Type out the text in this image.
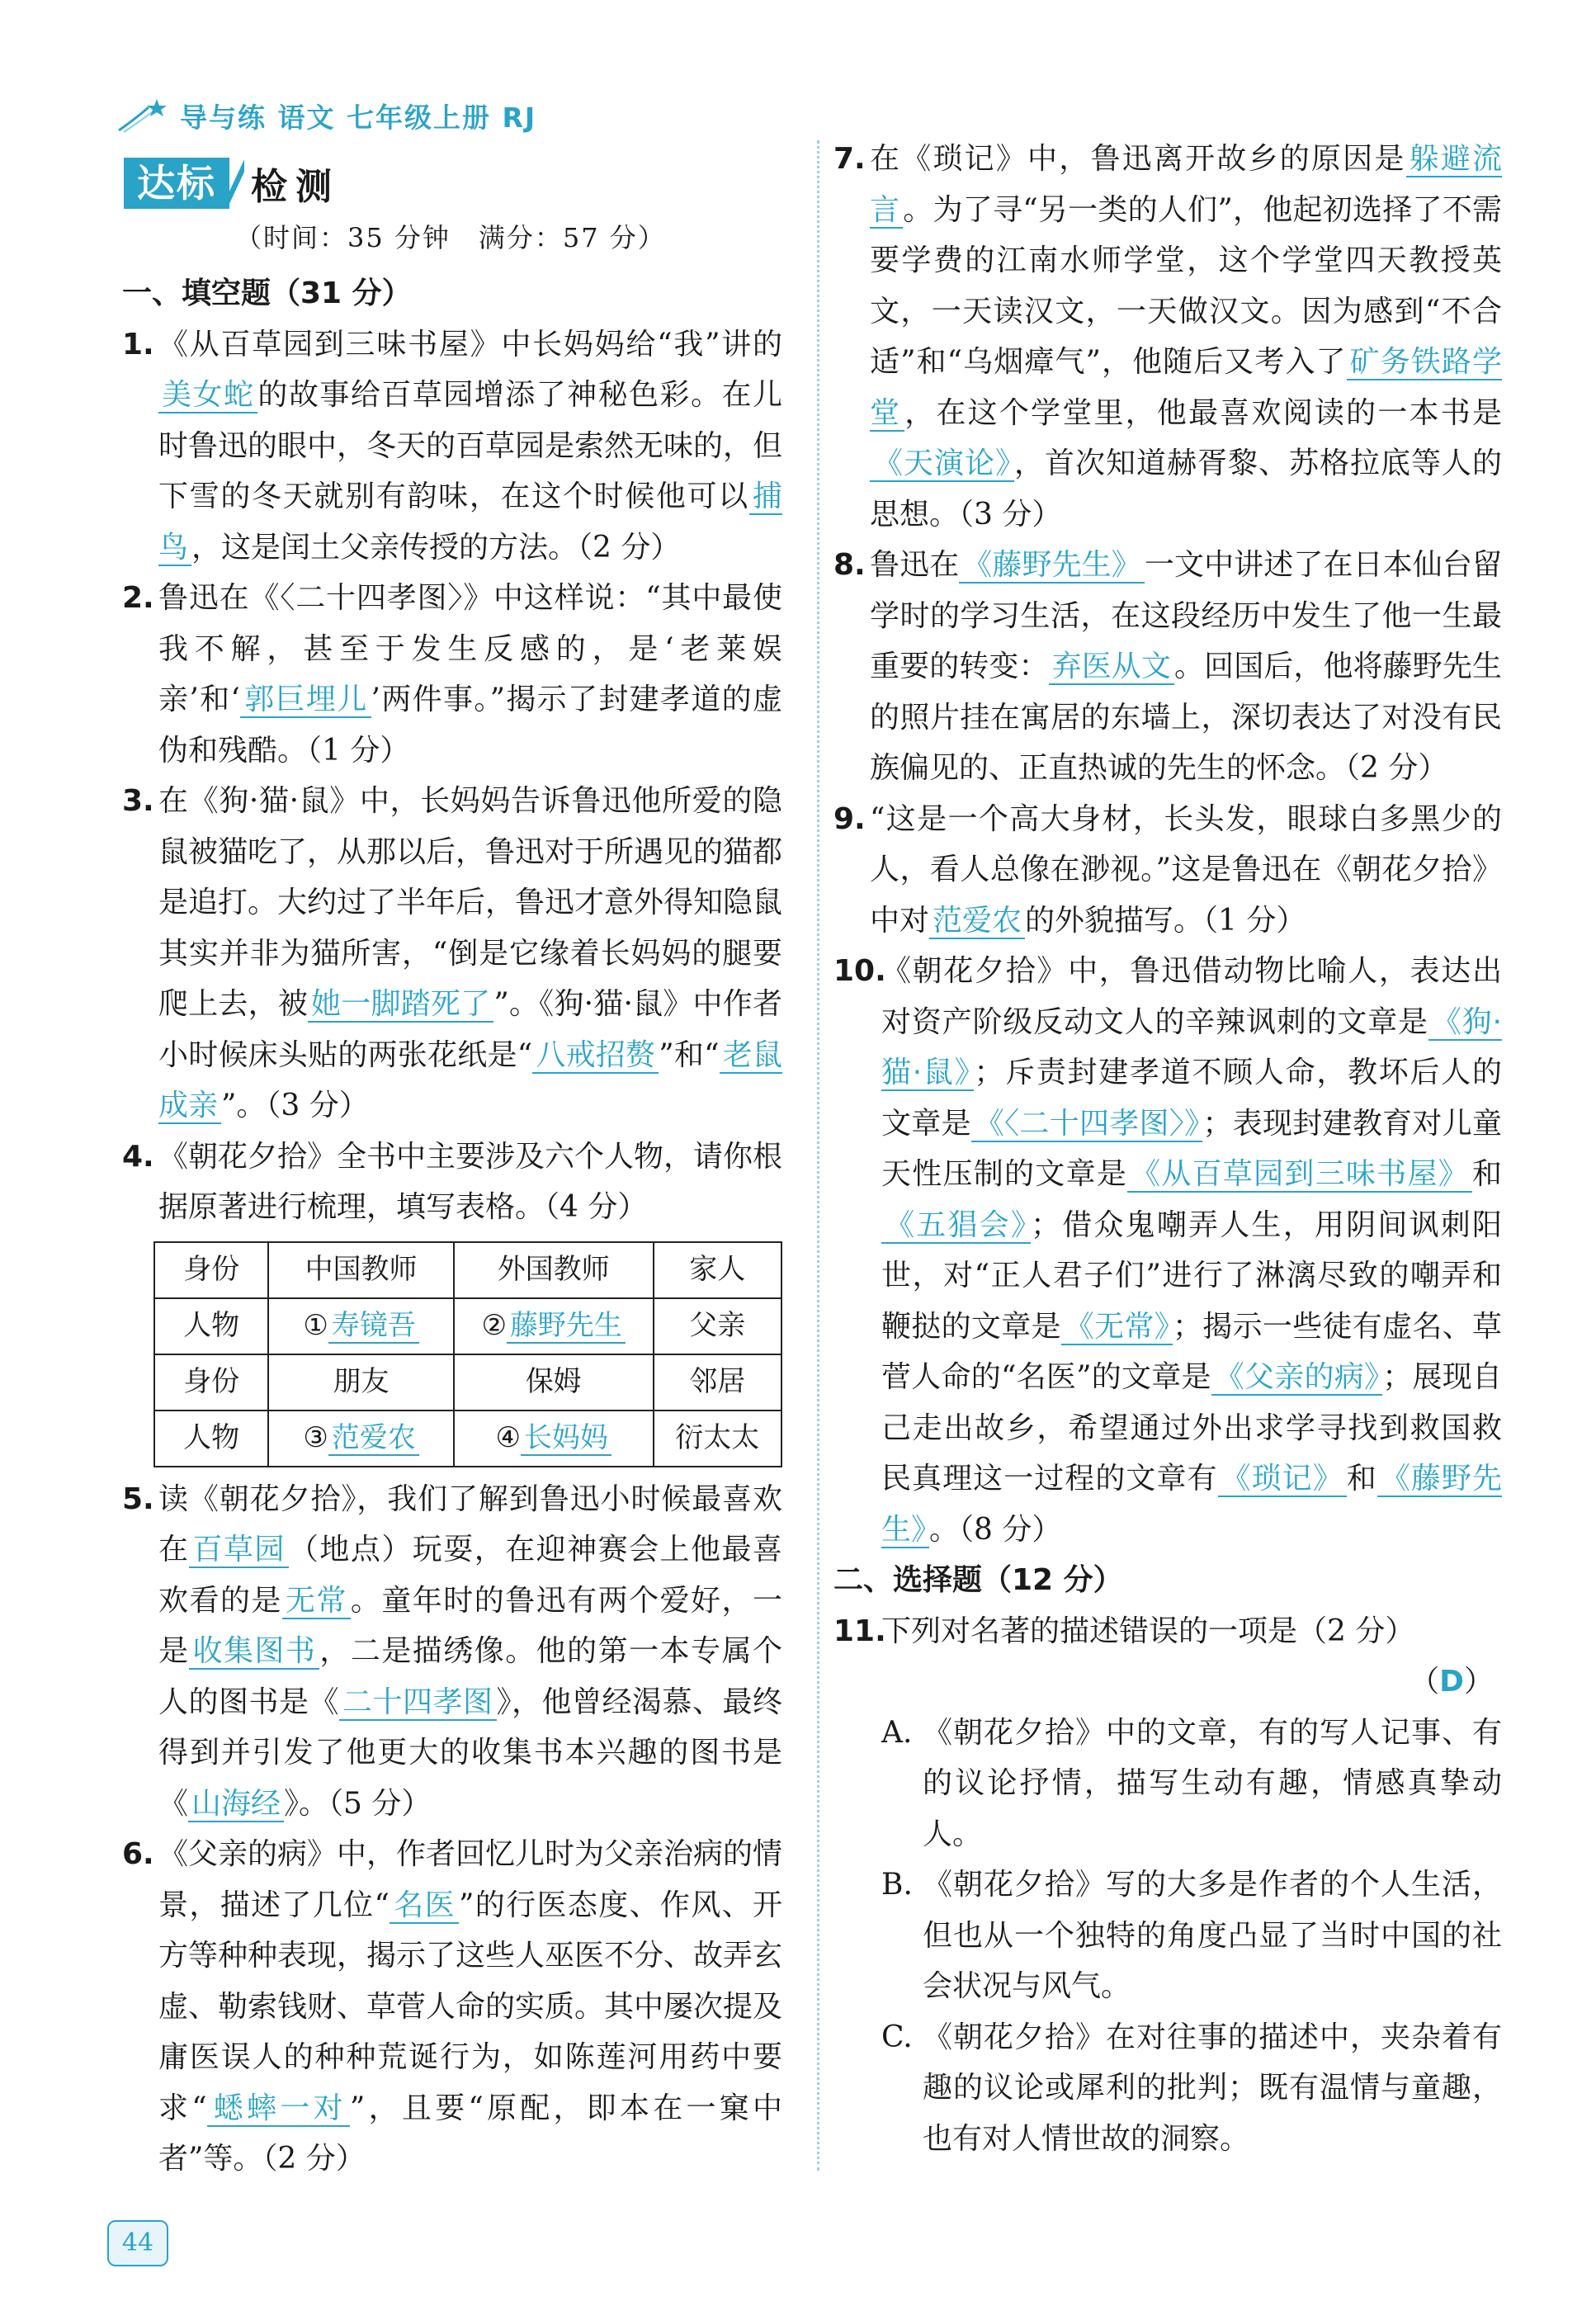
导与练 语文 七年级上册 RJ
达标 检测
（时间：35 分钟　满分：57 分）
一、填空题（31 分）
1. 《从百草园到三味书屋》中长妈妈给“我”讲的美女蛇 的故事给百草园增添了神秘色彩。在儿时鲁迅的眼中，冬天的百草园是索然无味的，但下雪的冬天就别有韵味，在这个时候他可以 捕鸟 ，这是闰土父亲传授的方法。（2 分）
2. 鲁迅在《〈二十四孝图〉》中这样说：“其中最使我不解，甚至于发生反感的，是‘老莱娱亲’和‘ 郭巨埋儿 ’两件事。”揭示了封建孝道的虚伪和残酷。（1 分）
3. 在《狗·猫·鼠》中，长妈妈告诉鲁迅他所爱的隐鼠被猫吃了，从那以后，鲁迅对于所遇见的猫都是追打。大约过了半年后，鲁迅才意外得知隐鼠其实并非为猫所害，“倒是它缘着长妈妈的腿要爬上去，被 她一脚踏死了 ”。《狗·猫·鼠》中作者小时候床头贴的两张花纸是“ 八戒招赘 ”和“ 老鼠成亲 ”。（3 分）
4. 《朝花夕拾》全书中主要涉及六个人物，请你根据原著进行梳理，填写表格。（4 分）
身份	中国教师	外国教师	家人
人物	① 寿镜吾	② 藤野先生	父亲
身份	朋友	保姆	邻居
人物	③ 范爱农	④ 长妈妈	衍太太
5. 读《朝花夕拾》，我们了解到鲁迅小时候最喜欢在 百草园 （地点）玩耍，在迎神赛会上他最喜欢看的是 无常 。童年时的鲁迅有两个爱好，一是 收集图书 ，二是描绣像。他的第一本专属个人的图书是《 二十四孝图 》，他曾经渴慕、最终得到并引发了他更大的收集书本兴趣的图书是《 山海经 》。（5 分）
6. 《父亲的病》中，作者回忆儿时为父亲治病的情景，描述了几位“ 名医 ”的行医态度、作风、开方等种种表现，揭示了这些人巫医不分、故弄玄虚、勒索钱财、草菅人命的实质。其中屡次提及庸医误人的种种荒诞行为，如陈莲河用药中要求“ 蟋蟀一对 ”，且要“原配，即本在一窠中者”等。（2 分）
7. 在《琐记》中，鲁迅离开故乡的原因是 躲避流言 。为了寻“另一类的人们”，他起初选择了不需要学费的江南水师学堂，这个学堂四天教授英文，一天读汉文，一天做汉文。因为感到“不合适”和“乌烟瘴气”，他随后又考入了 矿务铁路学堂 ，在这个学堂里，他最喜欢阅读的一本书是《天演论》 ，首次知道赫胥黎、苏格拉底等人的思想。（3 分）
8. 鲁迅在 《藤野先生》 一文中讲述了在日本仙台留学时的学习生活，在这段经历中发生了他一生最重要的转变： 弃医从文 。回国后，他将藤野先生的照片挂在寓居的东墙上，深切表达了对没有民族偏见的、正直热诚的先生的怀念。（2 分）
9. “这是一个高大身材，长头发，眼球白多黑少的人，看人总像在渺视。”这是鲁迅在《朝花夕拾》中对 范爱农 的外貌描写。（1 分）
10.
《朝花夕拾》中，鲁迅借动物比喻人，表达出对资产阶级反动文人的辛辣讽刺的文章是 《狗·猫·鼠》 ；斥责封建孝道不顾人命，教坏后人的文章是 《〈二十四孝图〉》 ；表现封建教育对儿童天性压制的文章是 《从百草园到三味书屋》 和《五猖会》 ；借众鬼嘲弄人生，用阴间讽刺阳世，对“正人君子们”进行了淋漓尽致的嘲弄和鞭挞的文章是 《无常》 ；揭示一些徒有虚名、草菅人命的“名医”的文章是 《父亲的病》 ；展现自己走出故乡，希望通过外出求学寻找到救国救民真理这一过程的文章有 《琐记》 和 《藤野先生》 。（8 分）
二、选择题（12 分）
11.
下列对名著的描述错误的一项是（2 分）
（D）
A. 《朝花夕拾》中的文章，有的写人记事、有的议论抒情，描写生动有趣，情感真挚动人。
B. 《朝花夕拾》写的大多是作者的个人生活，但也从一个独特的角度凸显了当时中国的社会状况与风气。
C. 《朝花夕拾》在对往事的描述中，夹杂着有趣的议论或犀利的批判；既有温情与童趣，也有对人情世故的洞察。
44
